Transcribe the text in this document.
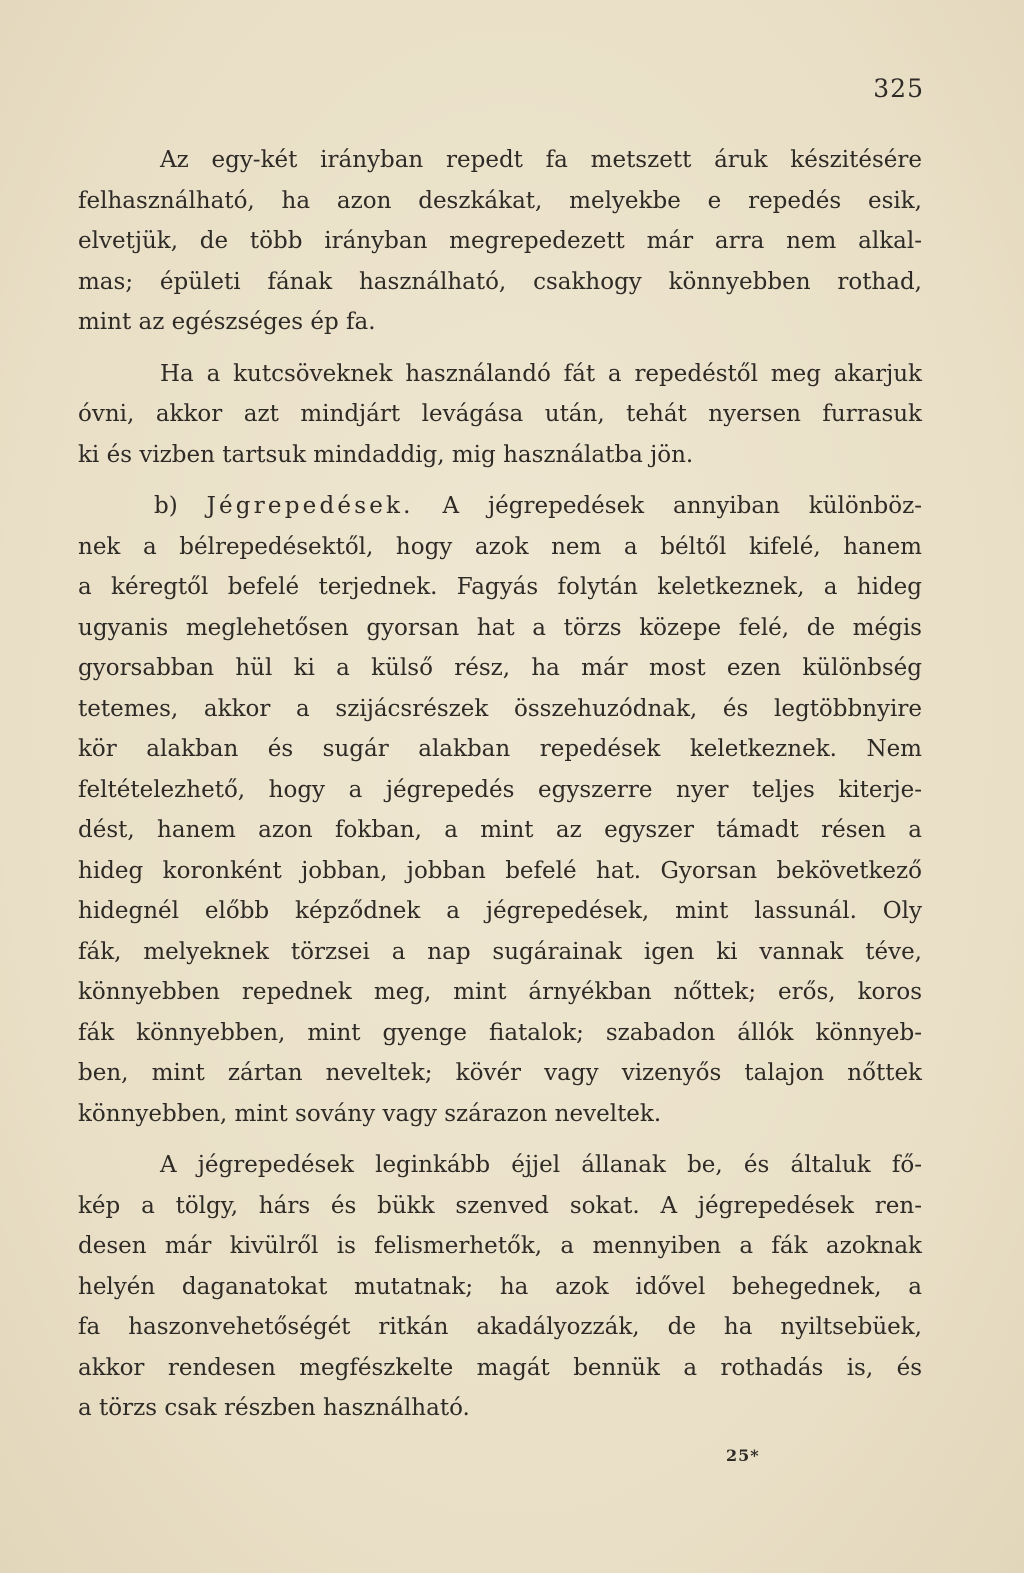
325

Az egy-két irányban repedt fa metszett áruk készitésére
felhasználható, ha azon deszkákat, melyekbe e repedés esik,
elvetjük, de több irányban megrepedezett már arra nem alkal-
mas; épületi fának használható, csakhogy könnyebben rothad,
mint az egészséges ép fa.

Ha a kutcsöveknek használandó fát a repedéstől meg akarjuk
óvni, akkor azt mindjárt levágása után, tehát nyersen furrasuk
ki és vizben tartsuk mindaddig, mig használatba jön.

b) Jégrepedések. A jégrepedések annyiban különböz-
nek a bélrepedésektől, hogy azok nem a béltől kifelé, hanem
a kéregtől befelé terjednek. Fagyás folytán keletkeznek, a hideg
ugyanis meglehetősen gyorsan hat a törzs közepe felé, de mégis
gyorsabban hül ki a külső rész, ha már most ezen különbség
tetemes, akkor a szijácsrészek összehuzódnak, és legtöbbnyire
kör alakban és sugár alakban repedések keletkeznek. Nem
feltételezhető, hogy a jégrepedés egyszerre nyer teljes kiterje-
dést, hanem azon fokban, a mint az egyszer támadt résen a
hideg koronként jobban, jobban befelé hat. Gyorsan bekövetkező
hidegnél előbb képződnek a jégrepedések, mint lassunál. Oly
fák, melyeknek törzsei a nap sugárainak igen ki vannak téve,
könnyebben repednek meg, mint árnyékban nőttek; erős, koros
fák könnyebben, mint gyenge fiatalok; szabadon állók könnyeb-
ben, mint zártan neveltek; kövér vagy vizenyős talajon nőttek
könnyebben, mint sovány vagy szárazon neveltek.

A jégrepedések leginkább éjjel állanak be, és általuk fő-
kép a tölgy, hárs és bükk szenved sokat. A jégrepedések ren-
desen már kivülről is felismerhetők, a mennyiben a fák azoknak
helyén daganatokat mutatnak; ha azok idővel behegednek, a
fa haszonvehetőségét ritkán akadályozzák, de ha nyiltsebüek,
akkor rendesen megfészkelte magát bennük a rothadás is, és
a törzs csak részben használható.

25*
